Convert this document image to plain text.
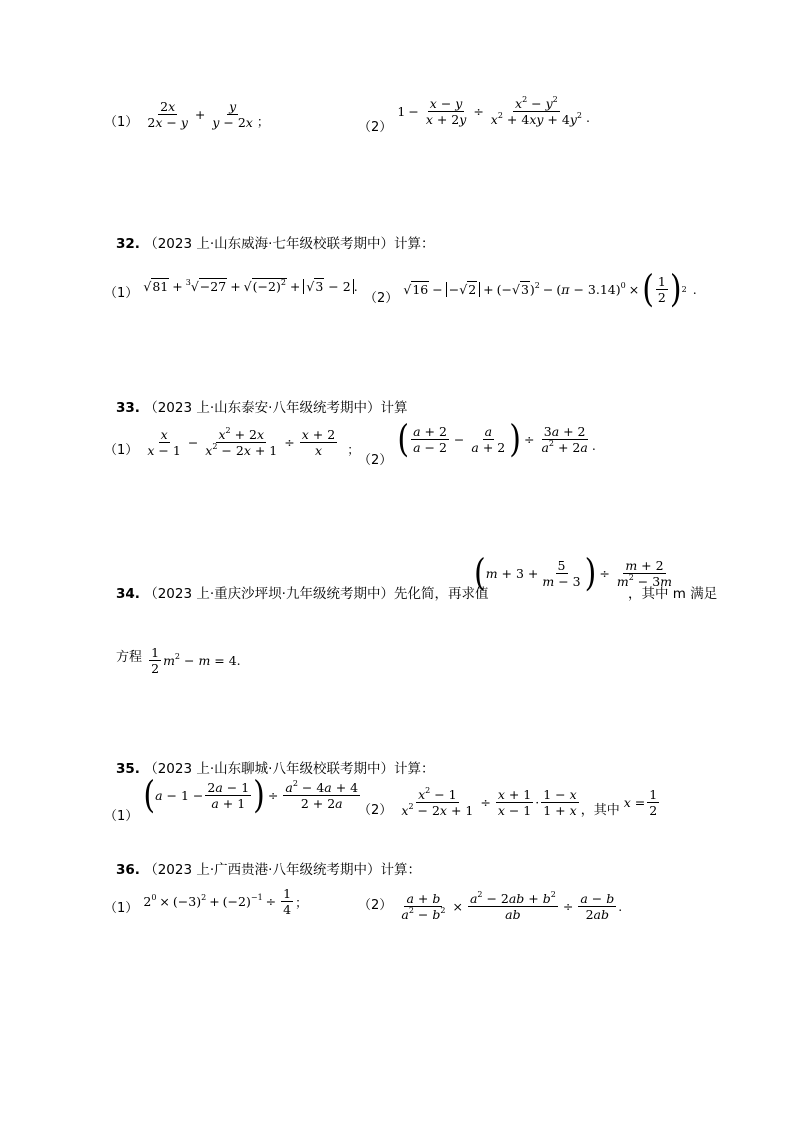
$_{(1)} \frac{2x}{2x - y} + \frac{y}{y - 2x}$ ；	$_{(2)}$
$1 - \frac{x - y}{x + 2y} \div \frac{x^2 - y^2}{x^2 + 4xy + 4y^2}$ .
32. （2023 上·山东威海·七年级校联考期中）计算：
$_{(1)}$ $√81 + ^3√-27 + √(-2)^2 + √3 - 2$ .
$_{(2)}$
$√16 - -√2 + (-√3)^2 - (\pi - 3.14)^0$ × ( $\frac{1}{2}$ ) 2 .
33. （2023 上·山东泰安·八年级统考期中）计算
$_{(1)} \frac{x}{x - 1} - \frac{x^2 + 2x}{x^2 - 2x + 1} \div \frac{x + 2}{x}$ ；
$_{(2)}$ ( $\frac{a + 2}{a - 2} - \frac{a}{a + 2}$ ) ÷ $\frac{3a + 2}{a^2 + 2a}$ .
34. （2023 上·重庆沙坪坝·九年级统考期中）先化简，再求值
( $m + 3 + \frac{5}{m - 3}$ ) ÷ $\frac{m + 2}{m^2 - 3m}$
，其中 m 满足
$_{方程} \frac{1}{2} m^2 - m = 4$ .
35. （2023 上·山东聊城·八年级校联考期中）计算：
$_{(1)}$ ( $a - 1 - \frac{2a - 1}{a + 1}$ ) ÷ $\frac{a^2 - 4a + 4}{2 + 2a}$
$_{(2)} \frac{x^2 - 1}{x^2 - 2x + 1} \div \frac{x + 1}{x - 1} \cdot \frac{1 - x}{1 + x}$ ，其中
$x = \frac{1}{2}$
36. （2023 上·广西贵港·八年级统考期中）计算：
$_{(1)}$ $2^0 \times (-3)^2 + (-2)^{-1} \div \frac{1}{4}$ ；	$_{(2)} \frac{a + b}{a^2 - b^2} \times \frac{a^2 - 2ab + b^2}{ab} \div \frac{a - b}{2ab}$ .
